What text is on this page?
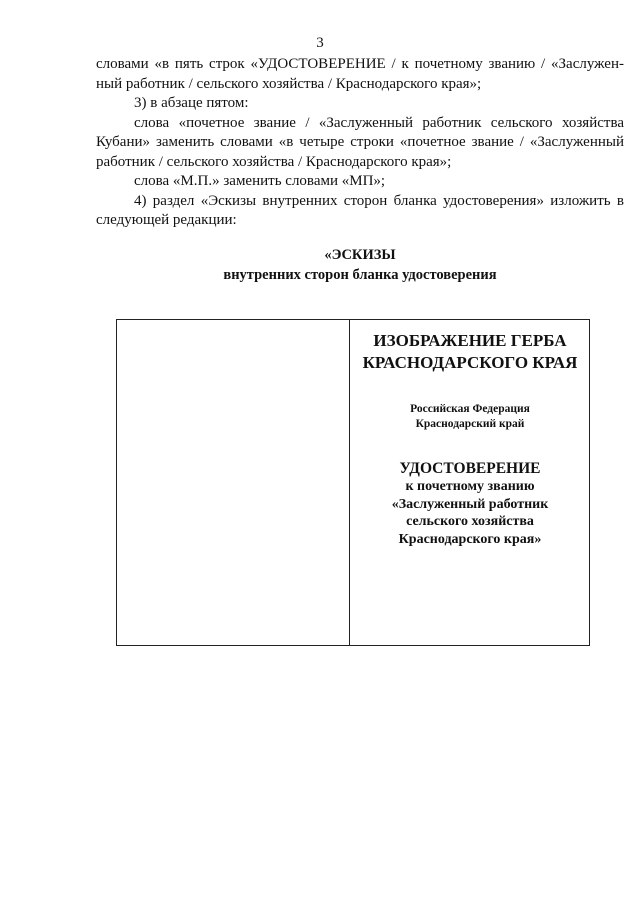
3

словами «в пять строк «УДОСТОВЕРЕНИЕ / к почетному званию / «Заслужен-

ный работник / сельского хозяйства / Краснодарского края»;

3) в абзаце пятом:

слова «почетное звание / «Заслуженный работник сельского хозяйства

Кубани» заменить словами «в четыре строки «почетное звание / «Заслуженный

работник / сельского хозяйства / Краснодарского края»;

слова «М.П.» заменить словами «МП»;

4) раздел «Эскизы внутренних сторон бланка удостоверения» изложить в

следующей редакции:

«ЭСКИЗЫ
внутренних сторон бланка удостоверения
ИЗОБРАЖЕНИЕ ГЕРБА
КРАСНОДАРСКОГО КРАЯ
Российская Федерация
Краснодарский край
УДОСТОВЕРЕНИЕ
к почетному званию
«Заслуженный работник
сельского хозяйства
Краснодарского края»
